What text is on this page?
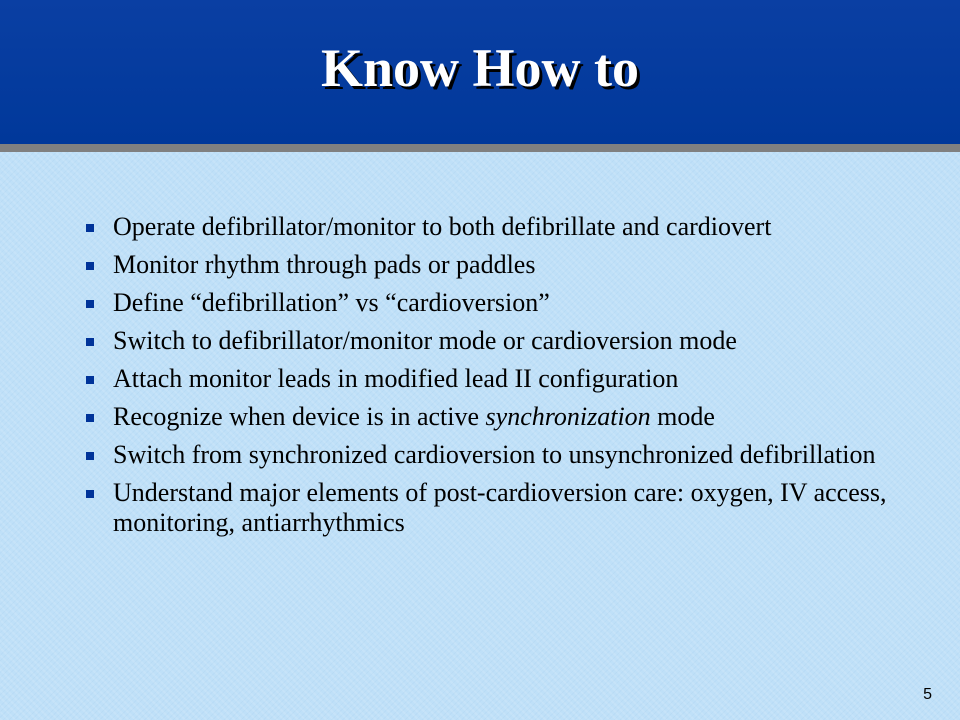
Know How to
Operate defibrillator/monitor to both defibrillate and cardiovert
Monitor rhythm through pads or paddles
Define “defibrillation” vs “cardioversion”
Switch to defibrillator/monitor mode or cardioversion mode
Attach monitor leads in modified lead II configuration
Recognize when device is in active synchronization mode
Switch from synchronized cardioversion to unsynchronized defibrillation
Understand major elements of post-cardioversion care: oxygen, IV access, monitoring, antiarrhythmics
5
